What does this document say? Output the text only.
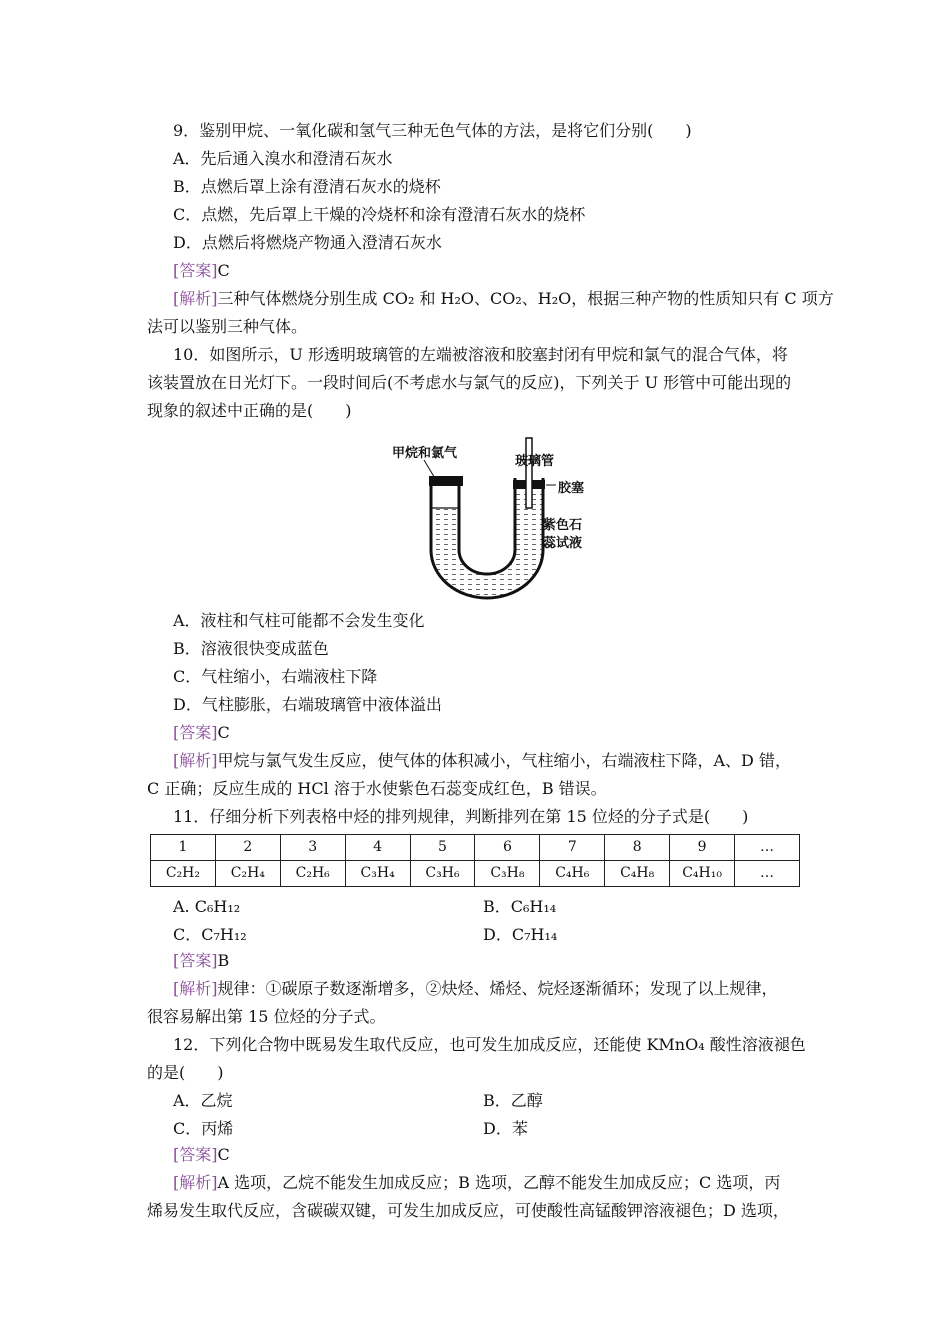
9．鉴别甲烷、一氧化碳和氢气三种无色气体的方法，是将它们分别(　　)
A．先后通入溴水和澄清石灰水
B．点燃后罩上涂有澄清石灰水的烧杯
C．点燃，先后罩上干燥的冷烧杯和涂有澄清石灰水的烧杯
D．点燃后将燃烧产物通入澄清石灰水
[答案]C
[解析]三种气体燃烧分别生成 CO₂ 和 H₂O、CO₂、H₂O，根据三种产物的性质知只有 C 项方
法可以鉴别三种气体。
10．如图所示，U 形透明玻璃管的左端被溶液和胶塞封闭有甲烷和氯气的混合气体，将
该装置放在日光灯下。一段时间后(不考虑水与氯气的反应)，下列关于 U 形管中可能出现的
现象的叙述中正确的是(　　)
甲烷和氯气
玻璃管
胶塞
紫色石
蕊试液
A．液柱和气柱可能都不会发生变化
B．溶液很快变成蓝色
C．气柱缩小，右端液柱下降
D．气柱膨胀，右端玻璃管中液体溢出
[答案]C
[解析]甲烷与氯气发生反应，使气体的体积减小，气柱缩小，右端液柱下降，A、D 错，
C 正确；反应生成的 HCl 溶于水使紫色石蕊变成红色，B 错误。
11．仔细分析下列表格中烃的排列规律，判断排列在第 15 位烃的分子式是(　　)
1	2	3	4	5	6	7	8	9	…
C₂H₂	C₂H₄	C₂H₆	C₃H₄	C₃H₆	C₃H₈	C₄H₆	C₄H₈	C₄H₁₀	…
A. C₆H₁₂	B．C₆H₁₄
C．C₇H₁₂	D．C₇H₁₄
[答案]B
[解析]规律：①碳原子数逐渐增多，②炔烃、烯烃、烷烃逐渐循环；发现了以上规律，
很容易解出第 15 位烃的分子式。
12．下列化合物中既易发生取代反应，也可发生加成反应，还能使 KMnO₄ 酸性溶液褪色
的是(　　)
A．乙烷	B．乙醇
C．丙烯	D．苯
[答案]C
[解析]A 选项，乙烷不能发生加成反应；B 选项，乙醇不能发生加成反应；C 选项，丙
烯易发生取代反应，含碳碳双键，可发生加成反应，可使酸性高锰酸钾溶液褪色；D 选项，
